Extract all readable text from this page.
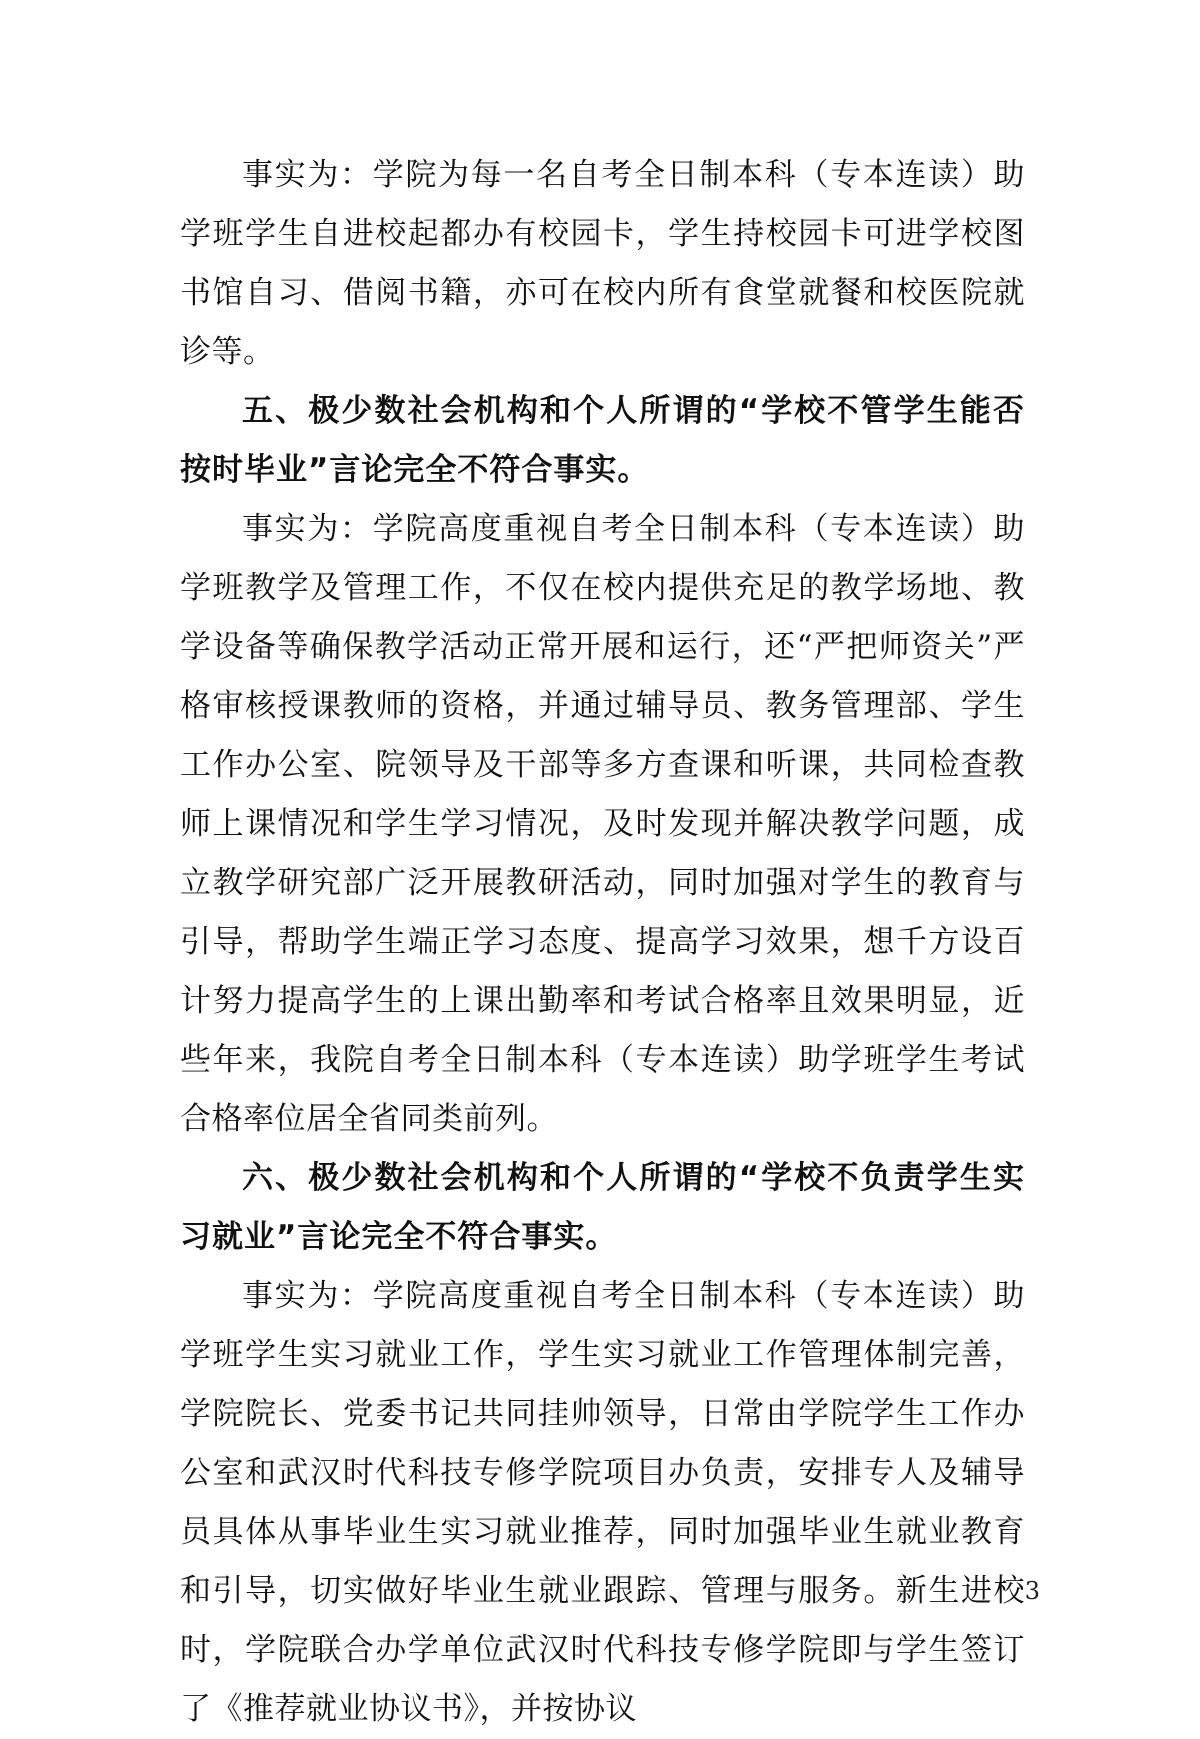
事实为：学院为每一名自考全日制本科（专本连读）助学班学生自进校起都办有校园卡，学生持校园卡可进学校图书馆自习、借阅书籍，亦可在校内所有食堂就餐和校医院就诊等。

五、极少数社会机构和个人所谓的“学校不管学生能否按时毕业”言论完全不符合事实。

事实为：学院高度重视自考全日制本科（专本连读）助学班教学及管理工作，不仅在校内提供充足的教学场地、教学设备等确保教学活动正常开展和运行，还“严把师资关”严格审核授课教师的资格，并通过辅导员、教务管理部、学生工作办公室、院领导及干部等多方查课和听课，共同检查教师上课情况和学生学习情况，及时发现并解决教学问题，成立教学研究部广泛开展教研活动，同时加强对学生的教育与引导，帮助学生端正学习态度、提高学习效果，想千方设百计努力提高学生的上课出勤率和考试合格率且效果明显，近些年来，我院自考全日制本科（专本连读）助学班学生考试合格率位居全省同类前列。

六、极少数社会机构和个人所谓的“学校不负责学生实习就业”言论完全不符合事实。

事实为：学院高度重视自考全日制本科（专本连读）助学班学生实习就业工作，学生实习就业工作管理体制完善，学院院长、党委书记共同挂帅领导，日常由学院学生工作办公室和武汉时代科技专修学院项目办负责，安排专人及辅导员具体从事毕业生实习就业推荐，同时加强毕业生就业教育和引导，切实做好毕业生就业跟踪、管理与服务。新生进校时，学院联合办学单位武汉时代科技专修学院即与学生签订了《推荐就业协议书》，并按协议

3
